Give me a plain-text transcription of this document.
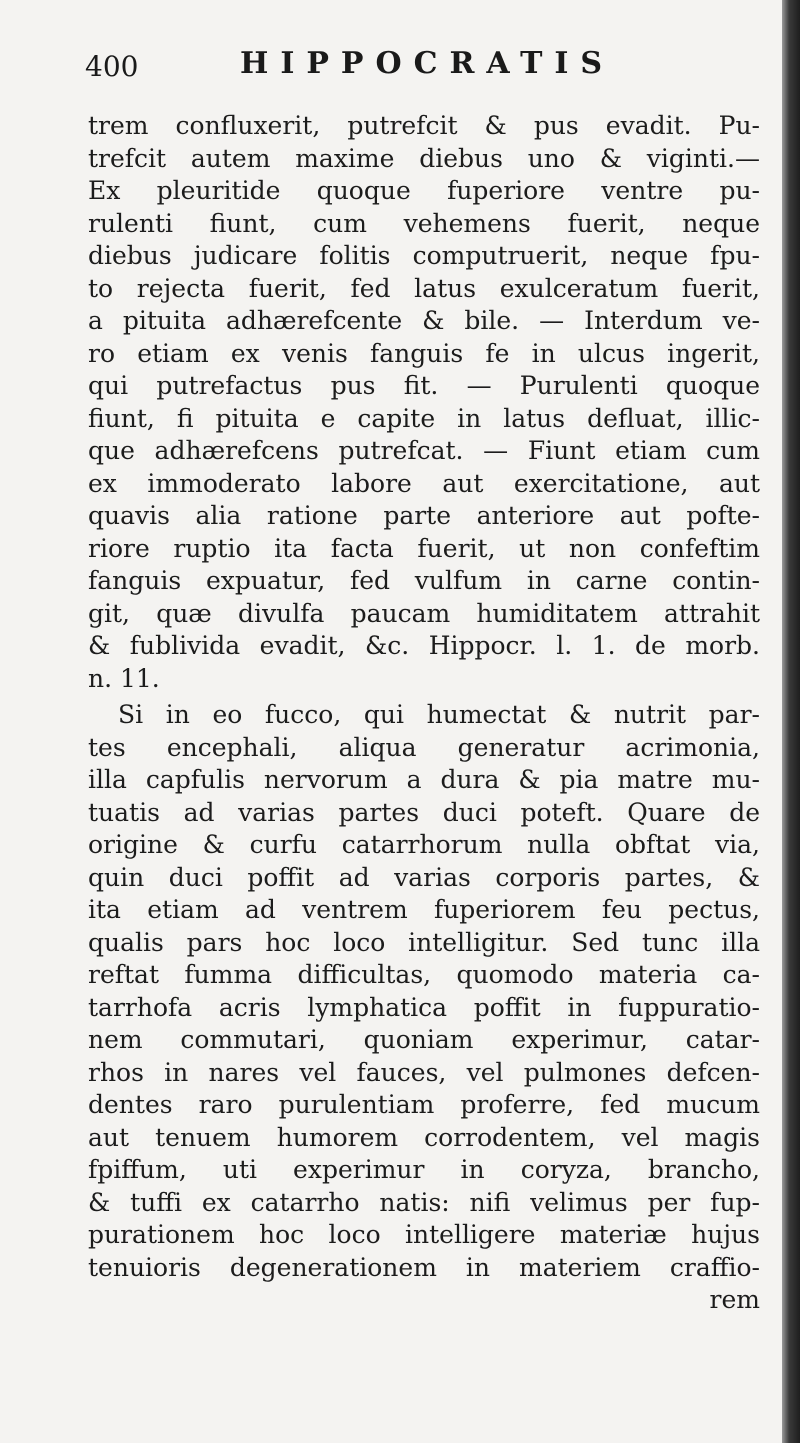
400	HIPPOCRATIS
trem confluxerit, putrefcit & pus evadit. Pu-
trefcit autem maxime diebus uno & viginti.—
Ex pleuritide quoque fuperiore ventre pu-
rulenti fiunt, cum vehemens fuerit, neque
diebus judicare folitis computruerit, neque fpu-
to rejecta fuerit, fed latus exulceratum fuerit,
a pituita adhærefcente & bile. — Interdum ve-
ro etiam ex venis fanguis fe in ulcus ingerit,
qui putrefactus pus fit. — Purulenti quoque
fiunt, fi pituita e capite in latus defluat, illic-
que adhærefcens putrefcat. — Fiunt etiam cum
ex immoderato labore aut exercitatione, aut
quavis alia ratione parte anteriore aut pofte-
riore ruptio ita facta fuerit, ut non confeftim
fanguis expuatur, fed vulfum in carne contin-
git, quæ divulfa paucam humiditatem attrahit
& fublivida evadit, &c. Hippocr. l. 1. de morb.
n. 11.
Si in eo fucco, qui humectat & nutrit par-
tes encephali, aliqua generatur acrimonia,
illa capfulis nervorum a dura & pia matre mu-
tuatis ad varias partes duci poteft. Quare de
origine & curfu catarrhorum nulla obftat via,
quin duci poffit ad varias corporis partes, &
ita etiam ad ventrem fuperiorem feu pectus,
qualis pars hoc loco intelligitur. Sed tunc illa
reftat fumma difficultas, quomodo materia ca-
tarrhofa acris lymphatica poffit in fuppuratio-
nem commutari, quoniam experimur, catar-
rhos in nares vel fauces, vel pulmones defcen-
dentes raro purulentiam proferre, fed mucum
aut tenuem humorem corrodentem, vel magis
fpiffum, uti experimur in coryza, brancho,
& tuffi ex catarrho natis: nifi velimus per fup-
purationem hoc loco intelligere materiæ hujus
tenuioris degenerationem in materiem craffio-
rem
